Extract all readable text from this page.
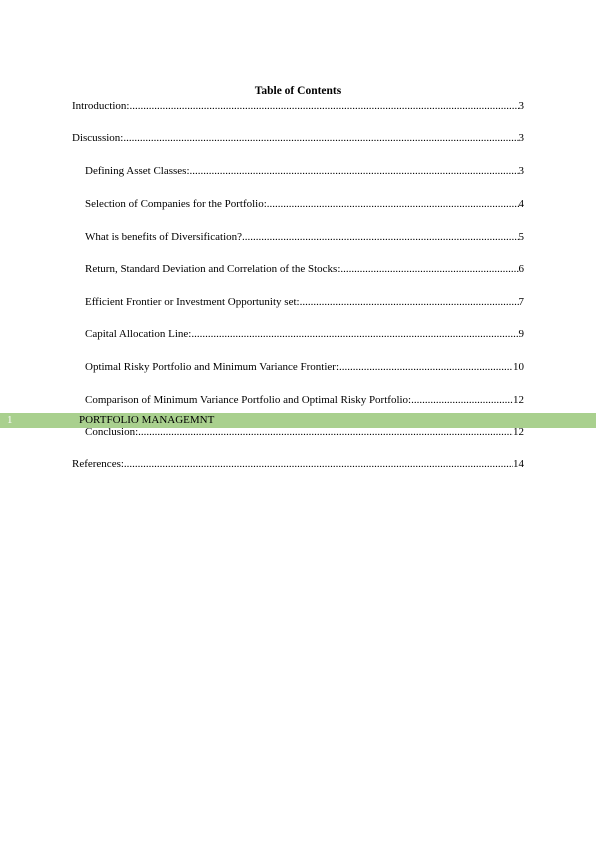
Table of Contents
Introduction: .....	3
Discussion: .....	3
Defining Asset Classes: .....	3
Selection of Companies for the Portfolio: .....	4
What is benefits of Diversification? .....	5
Return, Standard Deviation and Correlation of the Stocks: .....	6
Efficient Frontier or Investment Opportunity set: .....	7
Capital Allocation Line: .....	9
Optimal Risky Portfolio and Minimum Variance Frontier: .....	10
Comparison of Minimum Variance Portfolio and Optimal Risky Portfolio: .....	12
1	PORTFOLIO MANAGEMNT
Conclusion: .....	12
References: .....	14
